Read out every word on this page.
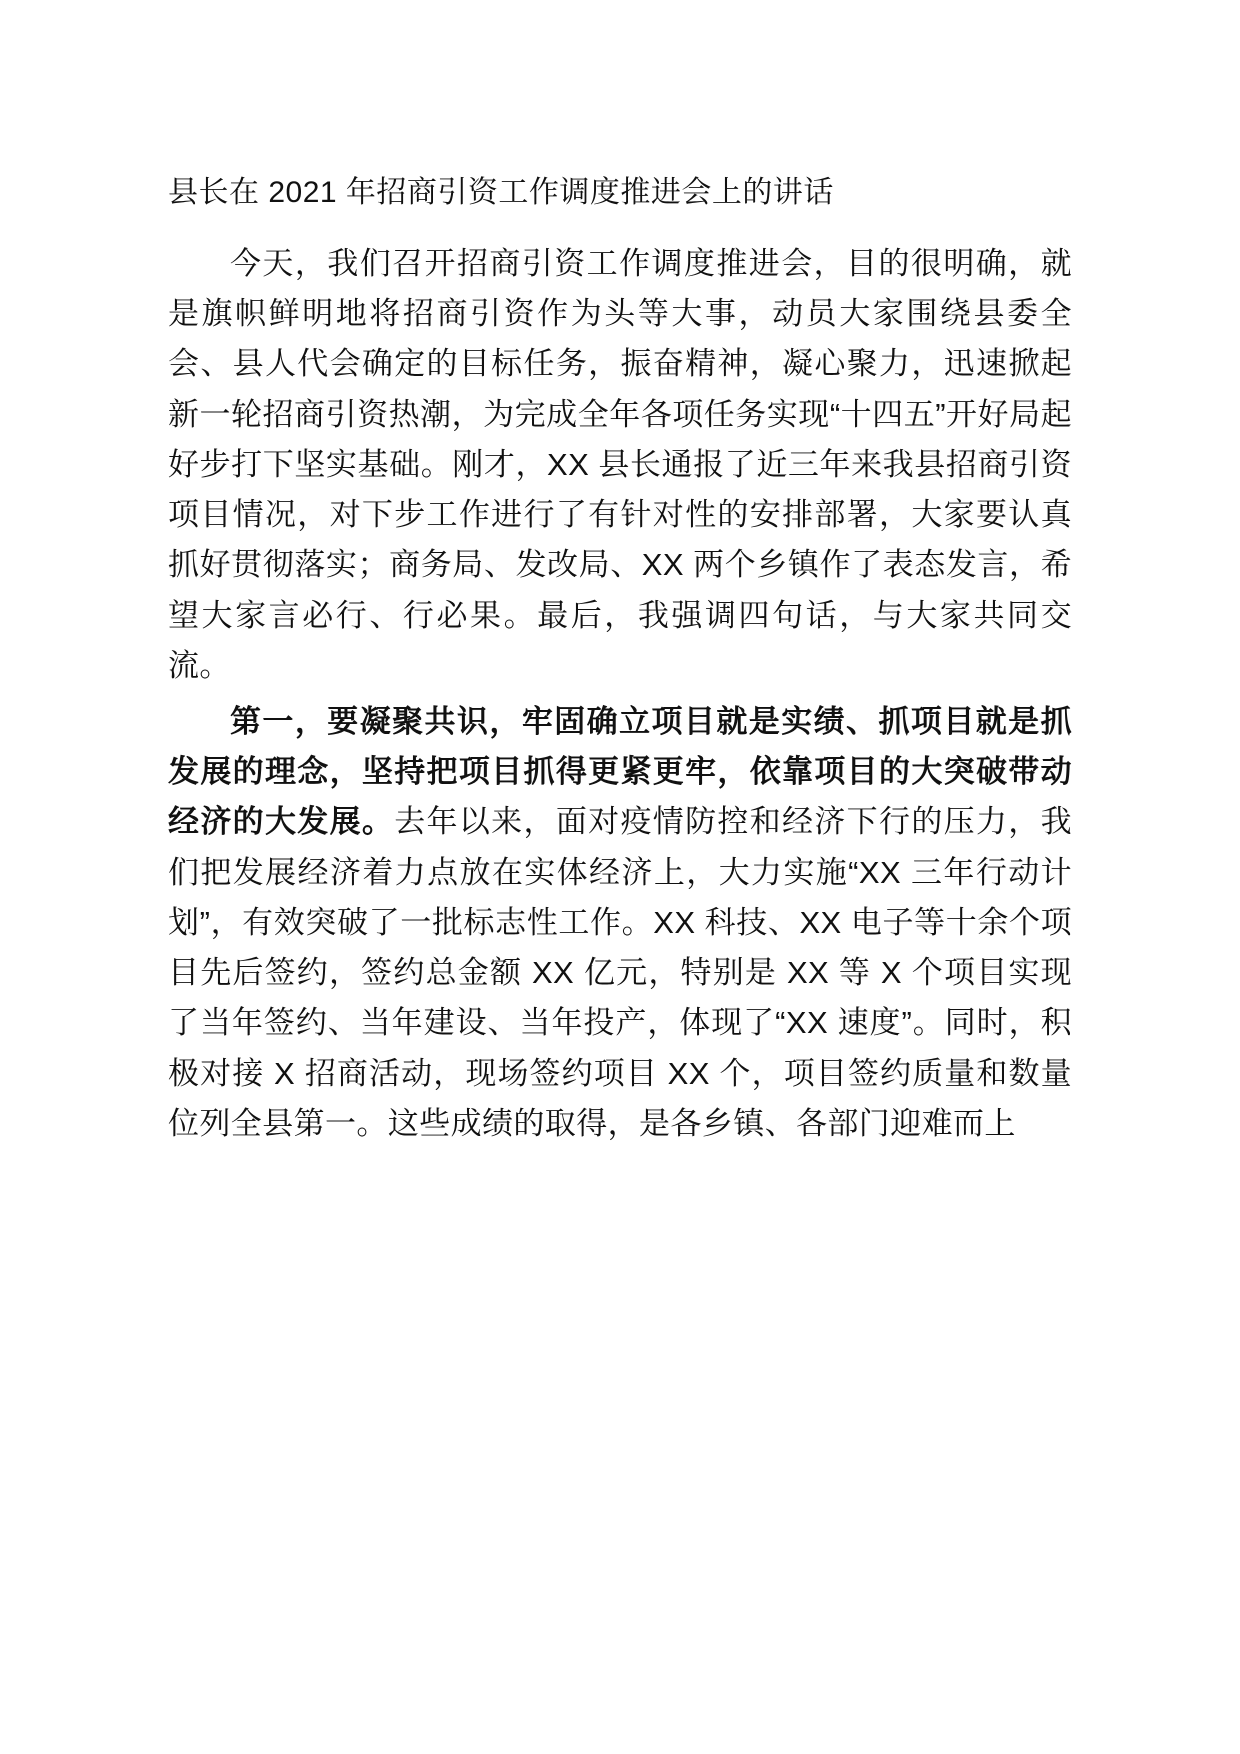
县长在 2021 年招商引资工作调度推进会上的讲话

今天，我们召开招商引资工作调度推进会，目的很明确，就是旗帜鲜明地将招商引资作为头等大事，动员大家围绕县委全会、县人代会确定的目标任务，振奋精神，凝心聚力，迅速掀起新一轮招商引资热潮，为完成全年各项任务实现“十四五”开好局起好步打下坚实基础。刚才，XX 县长通报了近三年来我县招商引资项目情况，对下步工作进行了有针对性的安排部署，大家要认真抓好贯彻落实；商务局、发改局、XX 两个乡镇作了表态发言，希望大家言必行、行必果。最后，我强调四句话，与大家共同交流。

第一，要凝聚共识，牢固确立项目就是实绩、抓项目就是抓发展的理念，坚持把项目抓得更紧更牢，依靠项目的大突破带动经济的大发展。去年以来，面对疫情防控和经济下行的压力，我们把发展经济着力点放在实体经济上，大力实施“XX 三年行动计划”，有效突破了一批标志性工作。XX 科技、XX 电子等十余个项目先后签约，签约总金额 XX 亿元，特别是 XX 等 X 个项目实现了当年签约、当年建设、当年投产，体现了“XX 速度”。同时，积极对接 X 招商活动，现场签约项目 XX 个，项目签约质量和数量位列全县第一。这些成绩的取得，是各乡镇、各部门迎难而上
